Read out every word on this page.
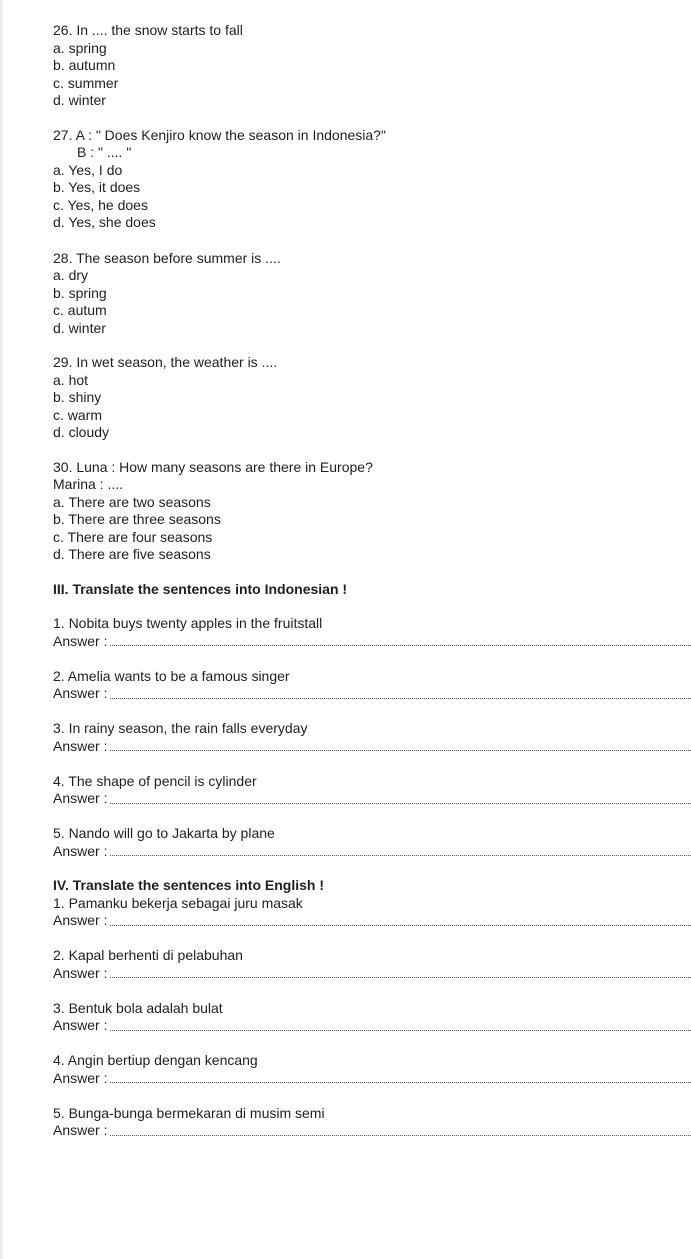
26. In .... the snow starts to fall
a. spring
b. autumn
c. summer
d. winter
27. A : " Does Kenjiro know the season in Indonesia?"
B : " .... "
a. Yes, I do
b. Yes, it does
c. Yes, he does
d. Yes, she does
28. The season before summer is ....
a. dry
b. spring
c. autum
d. winter
29. In wet season, the weather is ....
a. hot
b. shiny
c. warm
d. cloudy
30. Luna : How many seasons are there in Europe?
Marina : ....
a. There are two seasons
b. There are three seasons
c. There are four seasons
d. There are five seasons
III. Translate the sentences into Indonesian !
1. Nobita buys twenty apples in the fruitstall
Answer :
2. Amelia wants to be a famous singer
Answer :
3. In rainy season, the rain falls everyday
Answer :
4. The shape of pencil is cylinder
Answer :
5. Nando will go to Jakarta by plane
Answer :
IV. Translate the sentences into English !
1. Pamanku bekerja sebagai juru masak
Answer :
2. Kapal berhenti di pelabuhan
Answer :
3. Bentuk bola adalah bulat
Answer :
4. Angin bertiup dengan kencang
Answer :
5. Bunga-bunga bermekaran di musim semi
Answer :
